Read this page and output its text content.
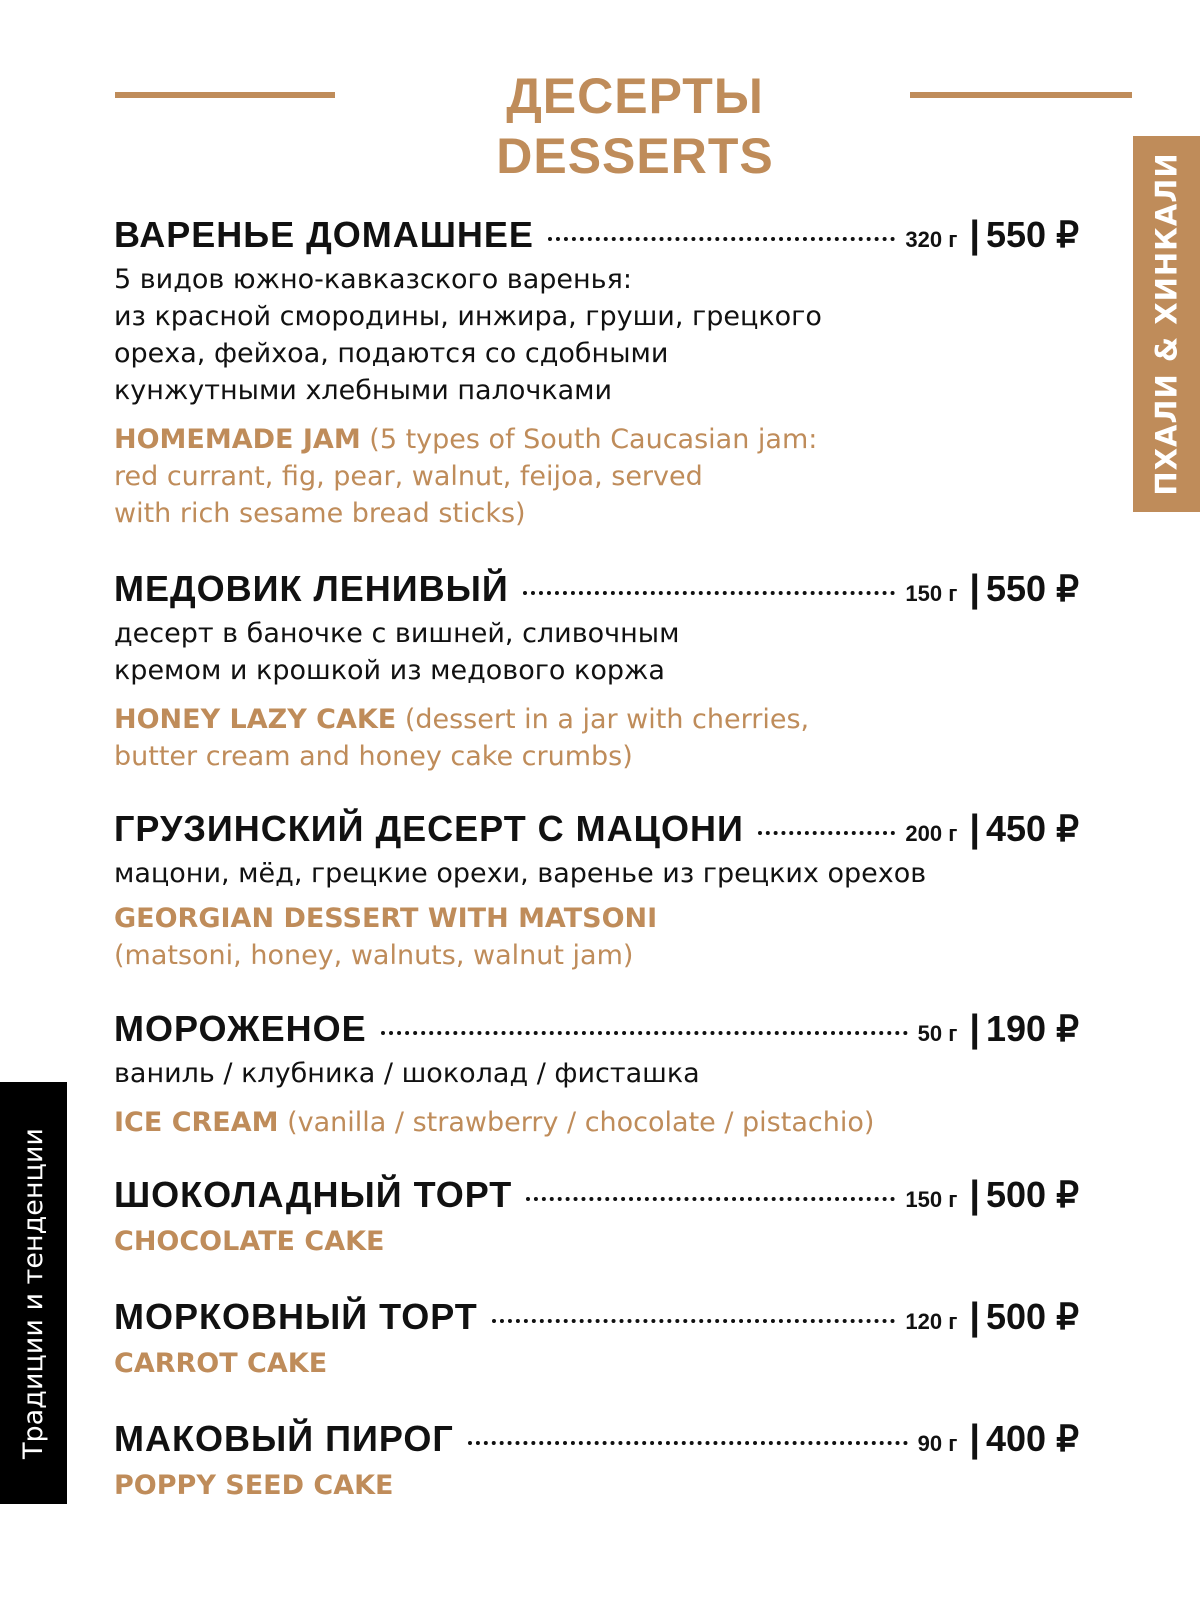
ДЕСЕРТЫ
DESSERTS	ПХАЛИ & ХИНКАЛИ
Традиции и тенденции
ВАРЕНЬЕ ДОМАШНЕЕ	320 г | 550 ₽
5 видов южно-кавказского варенья:
из красной смородины, инжира, груши, грецкого
ореха, фейхоа, подаются со сдобными
кунжутными хлебными палочками
HOMEMADE JAM (5 types of South Caucasian jam:
red currant, fig, pear, walnut, feijoa, served
with rich sesame bread sticks)
МЕДОВИК ЛЕНИВЫЙ	150 г | 550 ₽
десерт в баночке с вишней, сливочным
кремом и крошкой из медового коржа
HONEY LAZY CAKE (dessert in a jar with cherries,
butter cream and honey cake crumbs)
ГРУЗИНСКИЙ ДЕСЕРТ С МАЦОНИ	200 г | 450 ₽
мацони, мёд, грецкие орехи, варенье из грецких орехов
GEORGIAN DESSERT WITH MATSONI
(matsoni, honey, walnuts, walnut jam)
МОРОЖЕНОЕ	50 г | 190 ₽
ваниль / клубника / шоколад / фисташка
ICE CREAM (vanilla / strawberry / chocolate / pistachio)
ШОКОЛАДНЫЙ ТОРТ	150 г | 500 ₽
CHOCOLATE CAKE
МОРКОВНЫЙ ТОРТ	120 г | 500 ₽
CARROT CAKE
МАКОВЫЙ ПИРОГ	90 г | 400 ₽
POPPY SEED CAKE
